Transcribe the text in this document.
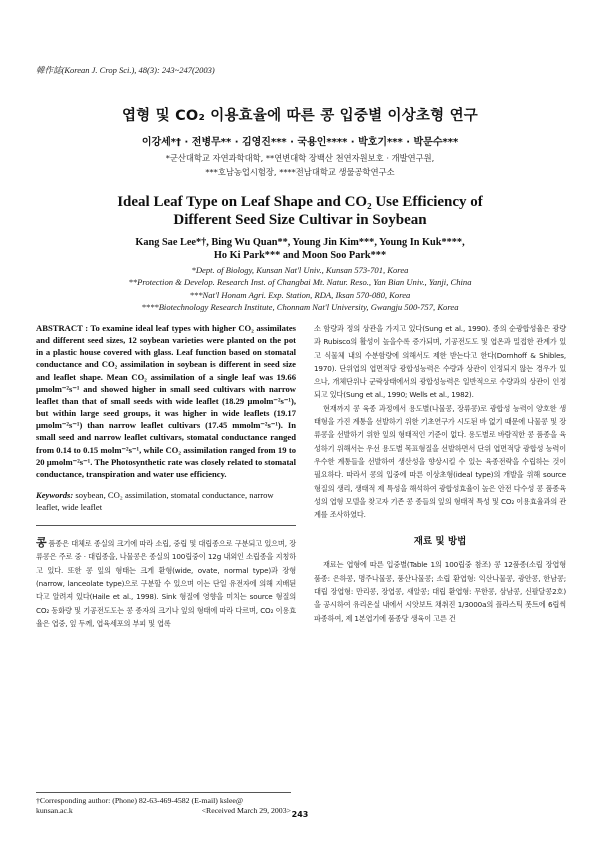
韓作誌(Korean J. Crop Sci.), 48(3): 243~247(2003)
엽형 및 CO₂ 이용효율에 따른 콩 입중별 이상초형 연구
이강세*† · 전병무** · 김영진*** · 국용인**** · 박호기*** · 박문수***
*군산대학교 자연과학대학, **연변대학 장백산 천연자원보호 · 개발연구원,
***호남농업시험장, ****전남대학교 생물공학연구소
Ideal Leaf Type on Leaf Shape and CO₂ Use Efficiency of
Different Seed Size Cultivar in Soybean
Kang Sae Lee*†, Bing Wu Quan**, Young Jin Kim***, Young In Kuk****,
Ho Ki Park*** and Moon Soo Park***
*Dept. of Biology, Kunsan Nat'l Univ., Kunsan 573-701, Korea
**Protection & Develop. Research Inst. of Changbai Mt. Natur. Reso., Yan Bian Univ., Yanji, China
***Nat'l Honam Agri. Exp. Station, RDA, Iksan 570-080, Korea
****Biotechnology Research Institute, Chonnam Nat'l University, Gwangju 500-757, Korea
ABSTRACT : To examine ideal leaf types with higher CO₂ assimilates and different seed sizes, 12 soybean varieties were planted on the pot in a plastic house covered with glass. Leaf function based on stomatal conductance and CO₂ assimilation in soybean is different in seed size and leaflet shape. Mean CO₂ assimilation of a single leaf was 19.66 μmolm⁻²s⁻¹ and showed higher in small seed cultivars with narrow leaflet than that of small seeds with wide leaflet (18.29 μmolm⁻²s⁻¹), but within large seed groups, it was higher in wide leaflets (19.17 μmolm⁻²s⁻¹) than narrow leaflet cultivars (17.45 mmolm⁻²s⁻¹). In small seed and narrow leaflet cultivars, stomatal conductance ranged from 0.14 to 0.15 molm⁻²s⁻¹, while CO₂ assimilation ranged from 19 to 20 μmolm⁻²s⁻¹. The Photosynthetic rate was closely related to stomatal conductance, transpiration and water use efficiency.
Keywords: soybean, CO₂ assimilation, stomatal conductance, narrow leaflet, wide leaflet
콩품종은 대체로 종실의 크기에 따라 소립, 중립 및 대립종으로 구분되고 있으며, 장류콩은 주로 중 · 대립종을, 나물콩은 종실의 100립중이 12g 내외인 소립종을 지칭하고 있다. 또한 콩 잎의 형태는 크게 환형(wide, ovate, normal type)과 장형(narrow, lanceolate type)으로 구분할 수 있으며 이는 단일 유전자에 의해 지배된다고 알려져 있다(Haile et al., 1998). Sink 형질에 영향을 미치는 source 형질의 CO₂ 동화량 및 기공전도도는 콩 종자의 크기나 잎의 형태에 따라 다르며, CO₂ 이용효율은 엽중, 잎 두께, 엽육세포의 부피 및 엽록

소 함량과 정의 상관을 가지고 있다(Sung et al., 1990). 종의 순광합성율은 광량과 Rubisco의 활성이 높을수록 증가되며, 기공전도도 및 엽온과 밀접한 관계가 있고 식물체 내의 수분함량에 의해서도 제한 받는다고 한다(Dornhoff & Shibles, 1970). 단위엽의 엽면적당 광합성능력은 수량과 상관이 인정되지 않는 경우가 있으나, 개체단위나 군락상태에서의 광합성능력은 일반적으로 수량과의 상관이 인정되고 있다(Sung et al., 1990; Wells et al., 1982).

현재까지 콩 육종 과정에서 용도별(나물콩, 장류콩)로 광합성 능력이 양호한 생태형을 가진 계통을 선발하기 위한 기초연구가 시도된 바 없기 때문에 나물콩 및 장류콩을 선발하기 위한 잎의 형태적인 기준이 없다. 용도별로 바람직한 콩 품종을 육성하기 위해서는 우선 용도별 목표형질을 선발하면서 단위 엽면적당 광합성 능력이 우수한 계통들을 선발하여 생산성을 향상시킬 수 있는 육종전략을 수립하는 것이 필요하다. 따라서 콩의 입중에 따른 이상초형(ideal type)의 개발을 위해 source 형질의 생리, 생태적 제 특성을 해석하여 광합성효율이 높은 안전 다수성 콩 품종육성의 엽형 모델을 찾고자 기존 콩 종들의 잎의 형태적 특성 및 CO₂ 이용효율과의 관계를 조사하였다.

재료 및 방법

재료는 엽형에 따른 입중별(Table 1의 100립중 참조) 콩 12품종(소립 장엽형 품종: 은하콩, 명주나물콩, 풍산나물콩; 소립 환엽형: 익산나물콩, 광안콩, 한남콩; 대립 장엽형: 만리콩, 장엽콩, 새알콩; 대립 환엽형: 무한콩, 삼남콩, 신팔달콩2호)을 공시하여 유리온실 내에서 시앗보트 채취진 1/3000a의 플라스틱 폿트에 6립씩 파종하여, 제 1본엽기에 품종당 생육이 고른 건

†Corresponding author: (Phone) 82-63-469-4582 (E-mail) kslee@
kunsan.ac.k	<Received March 29, 2003> 243
